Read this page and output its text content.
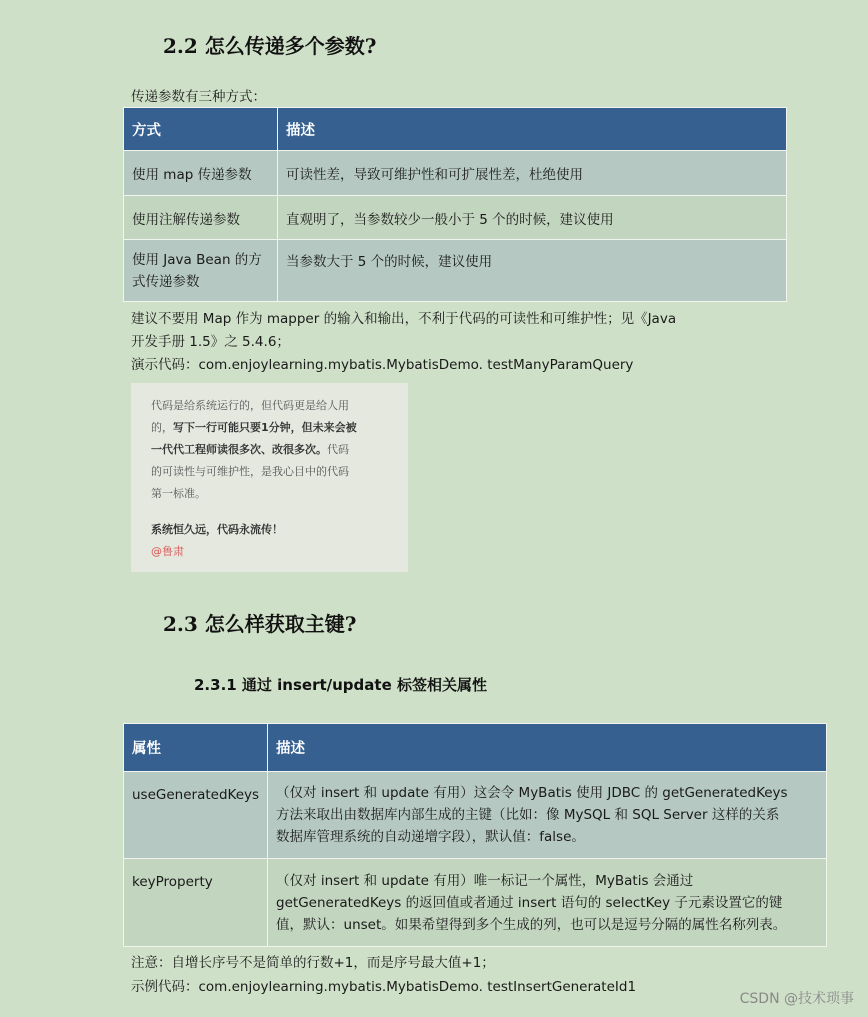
2.2 怎么传递多个参数?
传递参数有三种方式：
方式	描述
使用 map 传递参数	可读性差，导致可维护性和可扩展性差，杜绝使用
使用注解传递参数	直观明了，当参数较少一般小于 5 个的时候，建议使用

使用 Java Bean 的方
式传递参数	当参数大于 5 个的时候，建议使用
建议不要用 Map 作为 mapper 的输入和输出，不利于代码的可读性和可维护性；见《Java
开发手册 1.5》之 5.4.6；
演示代码：com.enjoylearning.mybatis.MybatisDemo. testManyParamQuery
代码是给系统运行的，但代码更是给人用
的，写下一行可能只要1分钟，但未来会被
一代代工程师读很多次、改很多次。代码
的可读性与可维护性，是我心目中的代码
第一标准。
系统恒久远，代码永流传！
@鲁肃
2.3 怎么样获取主键?
2.3.1 通过 insert/update 标签相关属性
属性	描述
useGeneratedKeys	（仅对 insert 和 update 有用）这会令 MyBatis 使用 JDBC 的 getGeneratedKeys
方法来取出由数据库内部生成的主键（比如：像 MySQL 和 SQL Server 这样的关系
数据库管理系统的自动递增字段），默认值：false。

keyProperty	（仅对 insert 和 update 有用）唯一标记一个属性，MyBatis 会通过
getGeneratedKeys 的返回值或者通过 insert 语句的 selectKey 子元素设置它的键
值，默认：unset。如果希望得到多个生成的列，也可以是逗号分隔的属性名称列表。
注意：自增长序号不是简单的行数+1，而是序号最大值+1；
示例代码：com.enjoylearning.mybatis.MybatisDemo. testInsertGenerateId1
CSDN @技术琐事
